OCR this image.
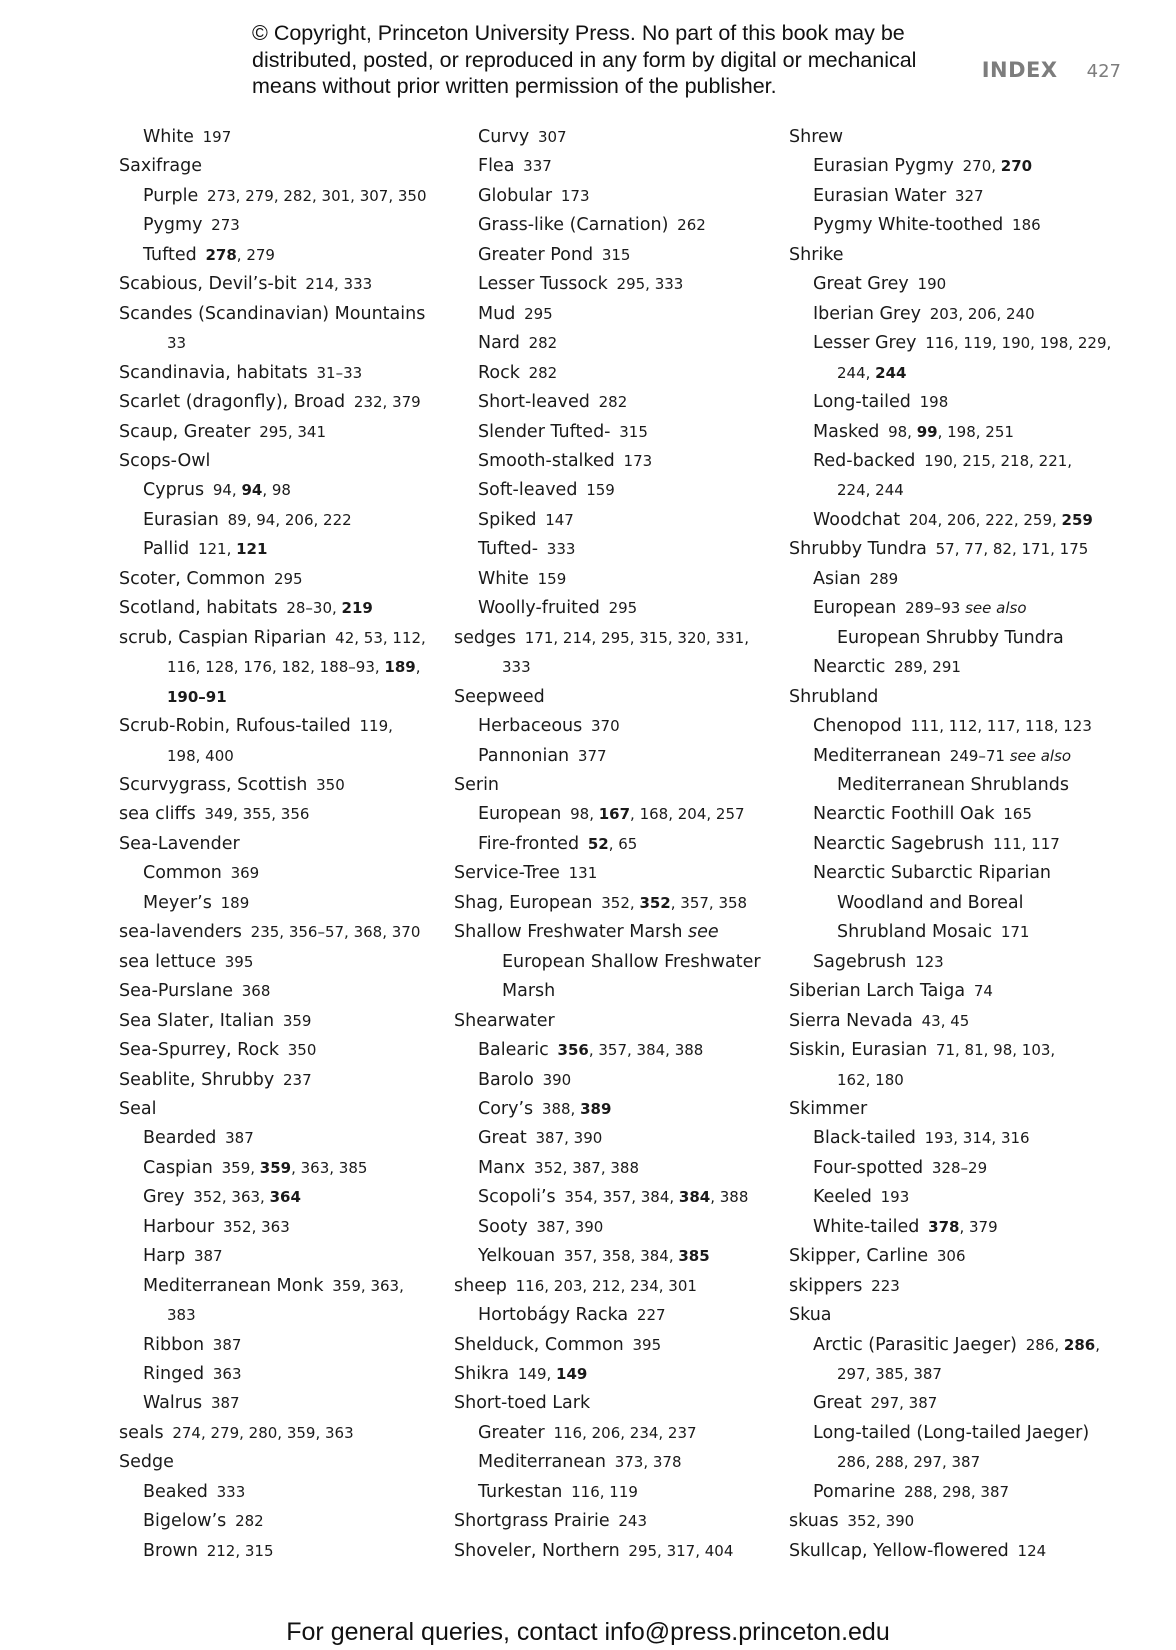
© Copyright, Princeton University Press. No part of this book may be
distributed, posted, or reproduced in any form by digital or mechanical
means without prior written permission of the publisher.
INDEX 427
White  197
Saxifrage
Purple  273, 279, 282, 301, 307, 350
Pygmy  273
Tufted  278, 279
Scabious, Devil’s-bit  214, 333
Scandes (Scandinavian) Mountains
33
Scandinavia, habitats  31–33
Scarlet (dragonfly), Broad  232, 379
Scaup, Greater  295, 341
Scops-Owl
Cyprus  94, 94, 98
Eurasian  89, 94, 206, 222
Pallid  121, 121
Scoter, Common  295
Scotland, habitats  28–30, 219
scrub, Caspian Riparian  42, 53, 112,
116, 128, 176, 182, 188–93, 189,
190–91
Scrub-Robin, Rufous-tailed  119,
198, 400
Scurvygrass, Scottish  350
sea cliffs  349, 355, 356
Sea-Lavender
Common  369
Meyer’s  189
sea-lavenders  235, 356–57, 368, 370
sea lettuce  395
Sea-Purslane  368
Sea Slater, Italian  359
Sea-Spurrey, Rock  350
Seablite, Shrubby  237
Seal
Bearded  387
Caspian  359, 359, 363, 385
Grey  352, 363, 364
Harbour  352, 363
Harp  387
Mediterranean Monk  359, 363,
383
Ribbon  387
Ringed  363
Walrus  387
seals  274, 279, 280, 359, 363
Sedge
Beaked  333
Bigelow’s  282
Brown  212, 315
Curvy  307
Flea  337
Globular  173
Grass-like (Carnation)  262
Greater Pond  315
Lesser Tussock  295, 333
Mud  295
Nard  282
Rock  282
Short-leaved  282
Slender Tufted-  315
Smooth-stalked  173
Soft-leaved  159
Spiked  147
Tufted-  333
White  159
Woolly-fruited  295
sedges  171, 214, 295, 315, 320, 331,
333
Seepweed
Herbaceous  370
Pannonian  377
Serin
European  98, 167, 168, 204, 257
Fire-fronted  52, 65
Service-Tree  131
Shag, European  352, 352, 357, 358
Shallow Freshwater Marsh see
European Shallow Freshwater
Marsh
Shearwater
Balearic  356, 357, 384, 388
Barolo  390
Cory’s  388, 389
Great  387, 390
Manx  352, 387, 388
Scopoli’s  354, 357, 384, 384, 388
Sooty  387, 390
Yelkouan  357, 358, 384, 385
sheep  116, 203, 212, 234, 301
Hortobágy Racka  227
Shelduck, Common  395
Shikra  149, 149
Short-toed Lark
Greater  116, 206, 234, 237
Mediterranean  373, 378
Turkestan  116, 119
Shortgrass Prairie  243
Shoveler, Northern  295, 317, 404
Shrew
Eurasian Pygmy  270, 270
Eurasian Water  327
Pygmy White-toothed  186
Shrike
Great Grey  190
Iberian Grey  203, 206, 240
Lesser Grey  116, 119, 190, 198, 229,
244, 244
Long-tailed  198
Masked  98, 99, 198, 251
Red-backed  190, 215, 218, 221,
224, 244
Woodchat  204, 206, 222, 259, 259
Shrubby Tundra  57, 77, 82, 171, 175
Asian  289
European  289–93 see also
European Shrubby Tundra
Nearctic  289, 291
Shrubland
Chenopod  111, 112, 117, 118, 123
Mediterranean  249–71 see also
Mediterranean Shrublands
Nearctic Foothill Oak  165
Nearctic Sagebrush  111, 117
Nearctic Subarctic Riparian
Woodland and Boreal
Shrubland Mosaic  171
Sagebrush  123
Siberian Larch Taiga  74
Sierra Nevada  43, 45
Siskin, Eurasian  71, 81, 98, 103,
162, 180
Skimmer
Black-tailed  193, 314, 316
Four-spotted  328–29
Keeled  193
White-tailed  378, 379
Skipper, Carline  306
skippers  223
Skua
Arctic (Parasitic Jaeger)  286, 286,
297, 385, 387
Great  297, 387
Long-tailed (Long-tailed Jaeger)
286, 288, 297, 387
Pomarine  288, 298, 387
skuas  352, 390
Skullcap, Yellow-flowered  124
For general queries, contact info@press.princeton.edu
